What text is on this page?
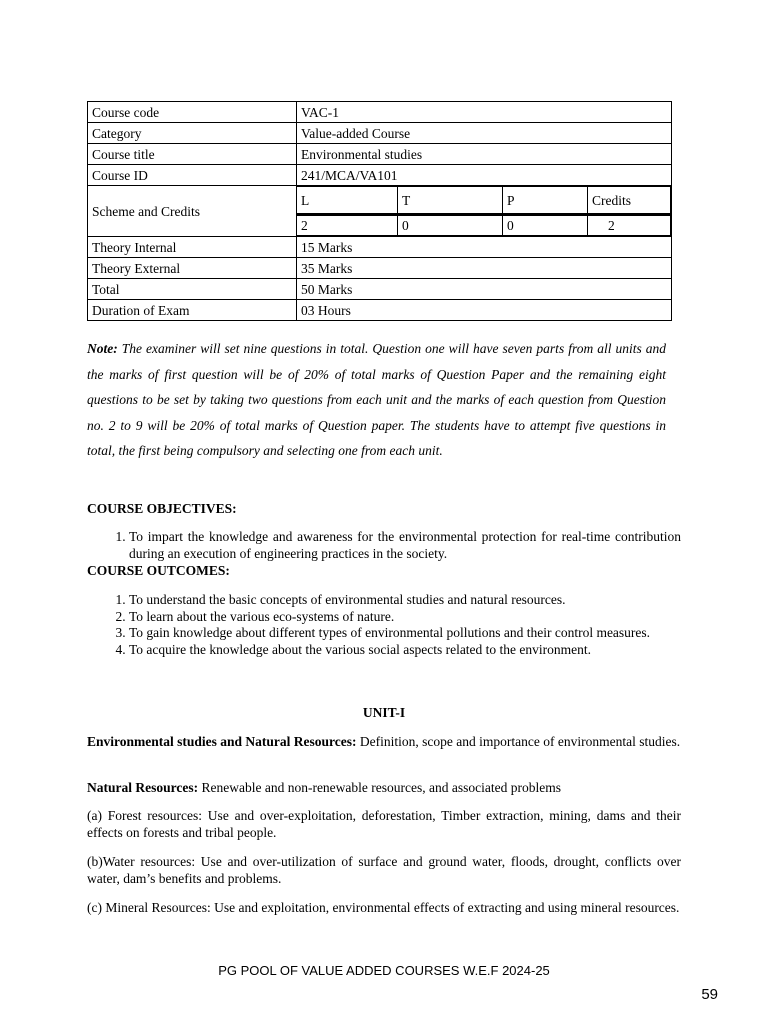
Course code	VAC-1
Category	Value-added Course
Course title	Environmental studies
Course ID	241/MCA/VA101
Scheme and Credits	
L	T	P	Credits

2	0	0	2

Theory Internal	15 Marks
Theory External	35 Marks
Total	50 Marks
Duration of Exam	03 Hours
Note: The examiner will set nine questions in total. Question one will have seven parts from all units and the marks of first question will be of 20% of total marks of Question Paper and the remaining eight questions to be set by taking two questions from each unit and the marks of each question from Question no. 2 to 9 will be 20% of total marks of Question paper. The students have to attempt five questions in total, the first being compulsory and selecting one from each unit.
COURSE OBJECTIVES:
1. To impart the knowledge and awareness for the environmental protection for real-time contribution during an execution of engineering practices in the society.
COURSE OUTCOMES:
1. To understand the basic concepts of environmental studies and natural resources.
2. To learn about the various eco-systems of nature.
3. To gain knowledge about different types of environmental pollutions and their control measures.
4. To acquire the knowledge about the various social aspects related to the environment.
UNIT-I
Environmental studies and Natural Resources: Definition, scope and importance of environmental studies.
Natural Resources: Renewable and non-renewable resources, and associated problems
(a) Forest resources: Use and over-exploitation, deforestation, Timber extraction, mining, dams and their effects on forests and tribal people.
(b)Water resources: Use and over-utilization of surface and ground water, floods, drought, conflicts over water, dam’s benefits and problems.
(c) Mineral Resources: Use and exploitation, environmental effects of extracting and using mineral resources.
PG POOL OF VALUE ADDED COURSES W.E.F 2024-25
59
